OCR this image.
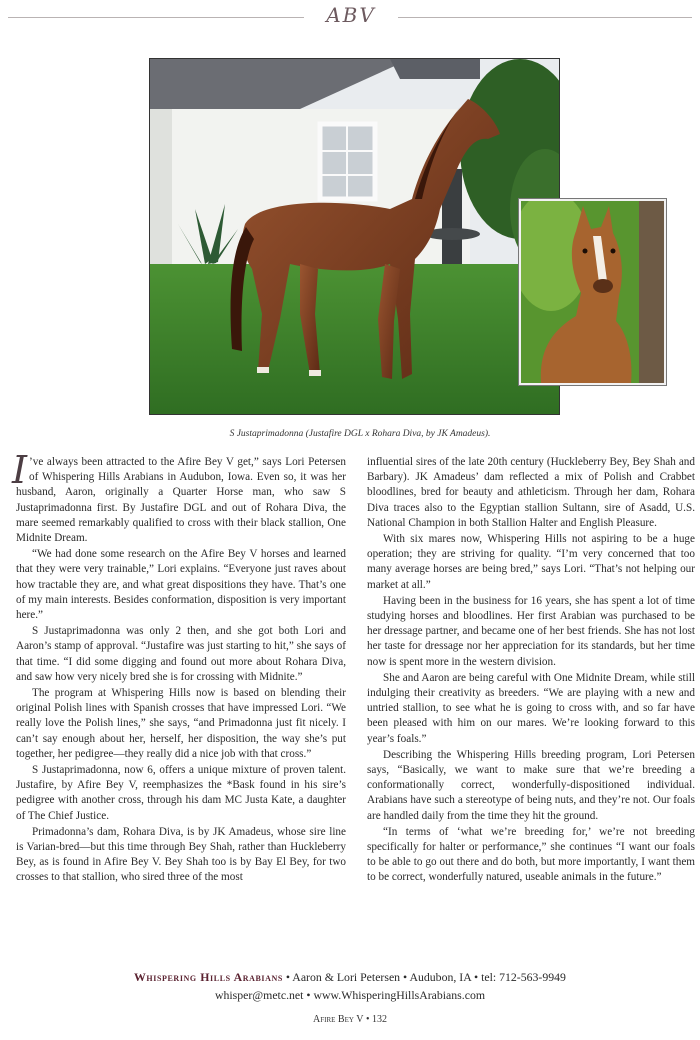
ABV
S Justaprimadonna (Justafire DGL x Rohara Diva, by JK Amadeus).

I ’ve always been attracted to the Afire Bey V get,” says Lori Petersen of Whispering Hills Arabians in Audubon, Iowa. Even so, it was her husband, Aaron, originally a Quarter Horse man, who saw S Justaprimadonna first. By Justafire DGL and out of Rohara Diva, the mare seemed remarkably qualified to cross with their black stallion, One Midnite Dream.

“We had done some research on the Afire Bey V horses and learned that they were very trainable,” Lori explains. “Everyone just raves about how tractable they are, and what great dispositions they have. That’s one of my main interests. Besides conformation, disposition is very important here.”

S Justaprimadonna was only 2 then, and she got both Lori and Aaron’s stamp of approval. “Justafire was just starting to hit,” she says of that time. “I did some digging and found out more about Rohara Diva, and saw how very nicely bred she is for crossing with Midnite.”

The program at Whispering Hills now is based on blending their original Polish lines with Spanish crosses that have impressed Lori. “We really love the Polish lines,” she says, “and Primadonna just fit nicely. I can’t say enough about her, herself, her disposition, the way she’s put together, her pedigree—they really did a nice job with that cross.”

S Justaprimadonna, now 6, offers a unique mixture of proven talent. Justafire, by Afire Bey V, reemphasizes the *Bask found in his sire’s pedigree with another cross, through his dam MC Justa Kate, a daughter of The Chief Justice.

Primadonna’s dam, Rohara Diva, is by JK Amadeus, whose sire line is Varian-bred—but this time through Bey Shah, rather than Huckleberry Bey, as is found in Afire Bey V. Bey Shah too is by Bay El Bey, for two crosses to that stallion, who sired three of the most

influential sires of the late 20th century (Huckleberry Bey, Bey Shah and Barbary). JK Amadeus’ dam reflected a mix of Polish and Crabbet bloodlines, bred for beauty and athleticism. Through her dam, Rohara Diva traces also to the Egyptian stallion Sultann, sire of Asadd, U.S. National Champion in both Stallion Halter and English Pleasure.

With six mares now, Whispering Hills not aspiring to be a huge operation; they are striving for quality. “I’m very concerned that too many average horses are being bred,” says Lori. “That’s not helping our market at all.”

Having been in the business for 16 years, she has spent a lot of time studying horses and bloodlines. Her first Arabian was purchased to be her dressage partner, and became one of her best friends. She has not lost her taste for dressage nor her appreciation for its standards, but her time now is spent more in the western division.

She and Aaron are being careful with One Midnite Dream, while still indulging their creativity as breeders. “We are playing with a new and untried stallion, to see what he is going to cross with, and so far have been pleased with him on our mares. We’re looking forward to this year’s foals.”

Describing the Whispering Hills breeding program, Lori Petersen says, “Basically, we want to make sure that we’re breeding a conformationally correct, wonderfully-dispositioned individual. Arabians have such a stereotype of being nuts, and they’re not. Our foals are handled daily from the time they hit the ground.

“In terms of ‘what we’re breeding for,’ we’re not breeding specifically for halter or performance,” she continues “I want our foals to be able to go out there and do both, but more importantly, I want them to be correct, wonderfully natured, useable animals in the future.”

Whispering Hills Arabians • Aaron & Lori Petersen • Audubon, IA • tel: 712-563-9949
whisper@metc.net • www.WhisperingHillsArabians.com
Afire Bey V • 132
